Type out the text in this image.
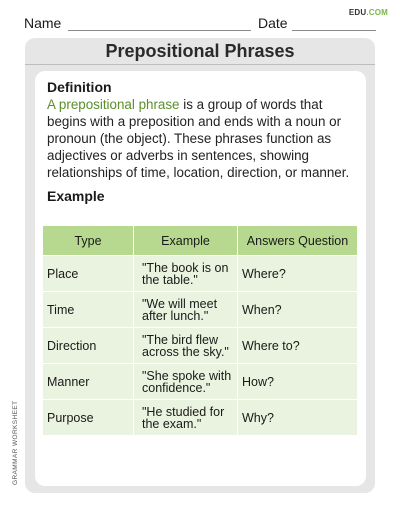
Name	Date
EDU.COM
Prepositional Phrases
Definition
A prepositional phrase is a group of words that begins with a preposition and ends with a noun or pronoun (the object). These phrases function as adjectives or adverbs in sentences, showing relationships of time, location, direction, or manner.
Example
Type	Example	Answers Question
Place	"The book is on the table."	Where?
Time	"We will meet after lunch."	When?
Direction	"The bird flew across the sky."	Where to?
Manner	"She spoke with confidence."	How?
Purpose	"He studied for the exam."	Why?
GRAMMAR WORKSHEET
